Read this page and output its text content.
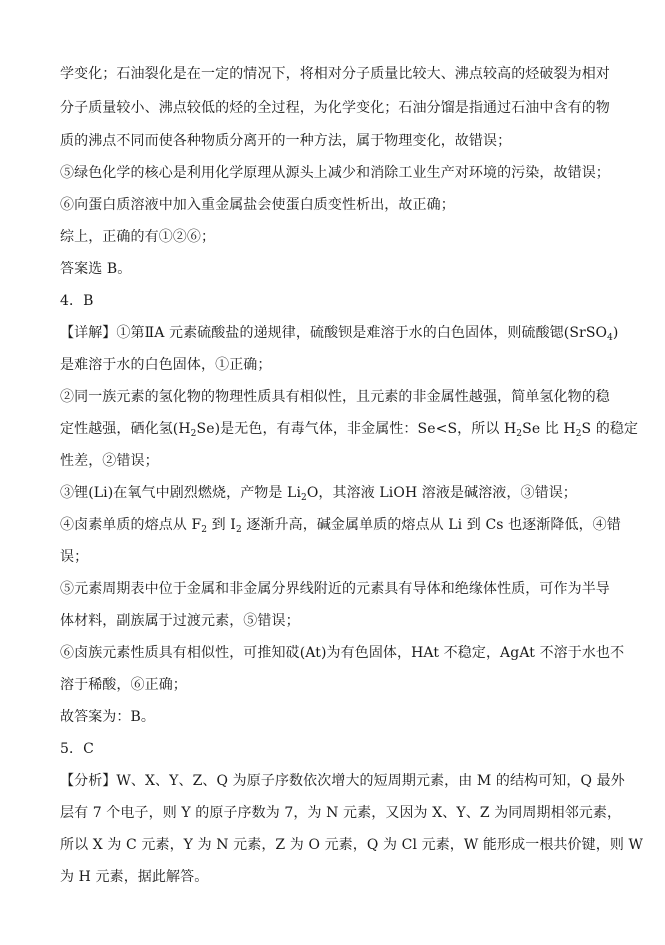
学变化；石油裂化是在一定的情况下，将相对分子质量比较大、沸点较高的烃破裂为相对
分子质量较小、沸点较低的烃的全过程，为化学变化；石油分馏是指通过石油中含有的物
质的沸点不同而使各种物质分离开的一种方法，属于物理变化，故错误；
⑤绿色化学的核心是利用化学原理从源头上减少和消除工业生产对环境的污染，故错误；
⑥向蛋白质溶液中加入重金属盐会使蛋白质变性析出，故正确；
综上，正确的有①②⑥；
答案选 B。
4．B
【详解】①第ⅡA 元素硫酸盐的递规律，硫酸钡是难溶于水的白色固体，则硫酸锶(SrSO$_4$)
是难溶于水的白色固体，①正确；
②同一族元素的氢化物的物理性质具有相似性，且元素的非金属性越强，简单氢化物的稳
定性越强，硒化氢$(H_2Se)$是无色，有毒气体，非金属性：Se<S，所以 $H_2Se$ 比 $H_2S$ 的稳定
性差，②错误；
③锂(Li)在氧气中剧烈燃烧，产物是 $Li_2O$，其溶液 LiOH 溶液是碱溶液，③错误；
④卤素单质的熔点从 $F_2$ 到 $I_2$ 逐渐升高，碱金属单质的熔点从 Li 到 Cs 也逐渐降低，④错
误；
⑤元素周期表中位于金属和非金属分界线附近的元素具有导体和绝缘体性质，可作为半导
体材料，副族属于过渡元素，⑤错误；
⑥卤族元素性质具有相似性，可推知砹(At)为有色固体，HAt 不稳定，AgAt 不溶于水也不
溶于稀酸，⑥正确；
故答案为：B。
5．C
【分析】W、X、Y、Z、Q 为原子序数依次增大的短周期元素，由 M 的结构可知，Q 最外
层有 7 个电子，则 Y 的原子序数为 7，为 N 元素，又因为 X、Y、Z 为同周期相邻元素，
所以 X 为 C 元素，Y 为 N 元素，Z 为 O 元素，Q 为 Cl 元素，W 能形成一根共价键，则 W
为 H 元素，据此解答。
